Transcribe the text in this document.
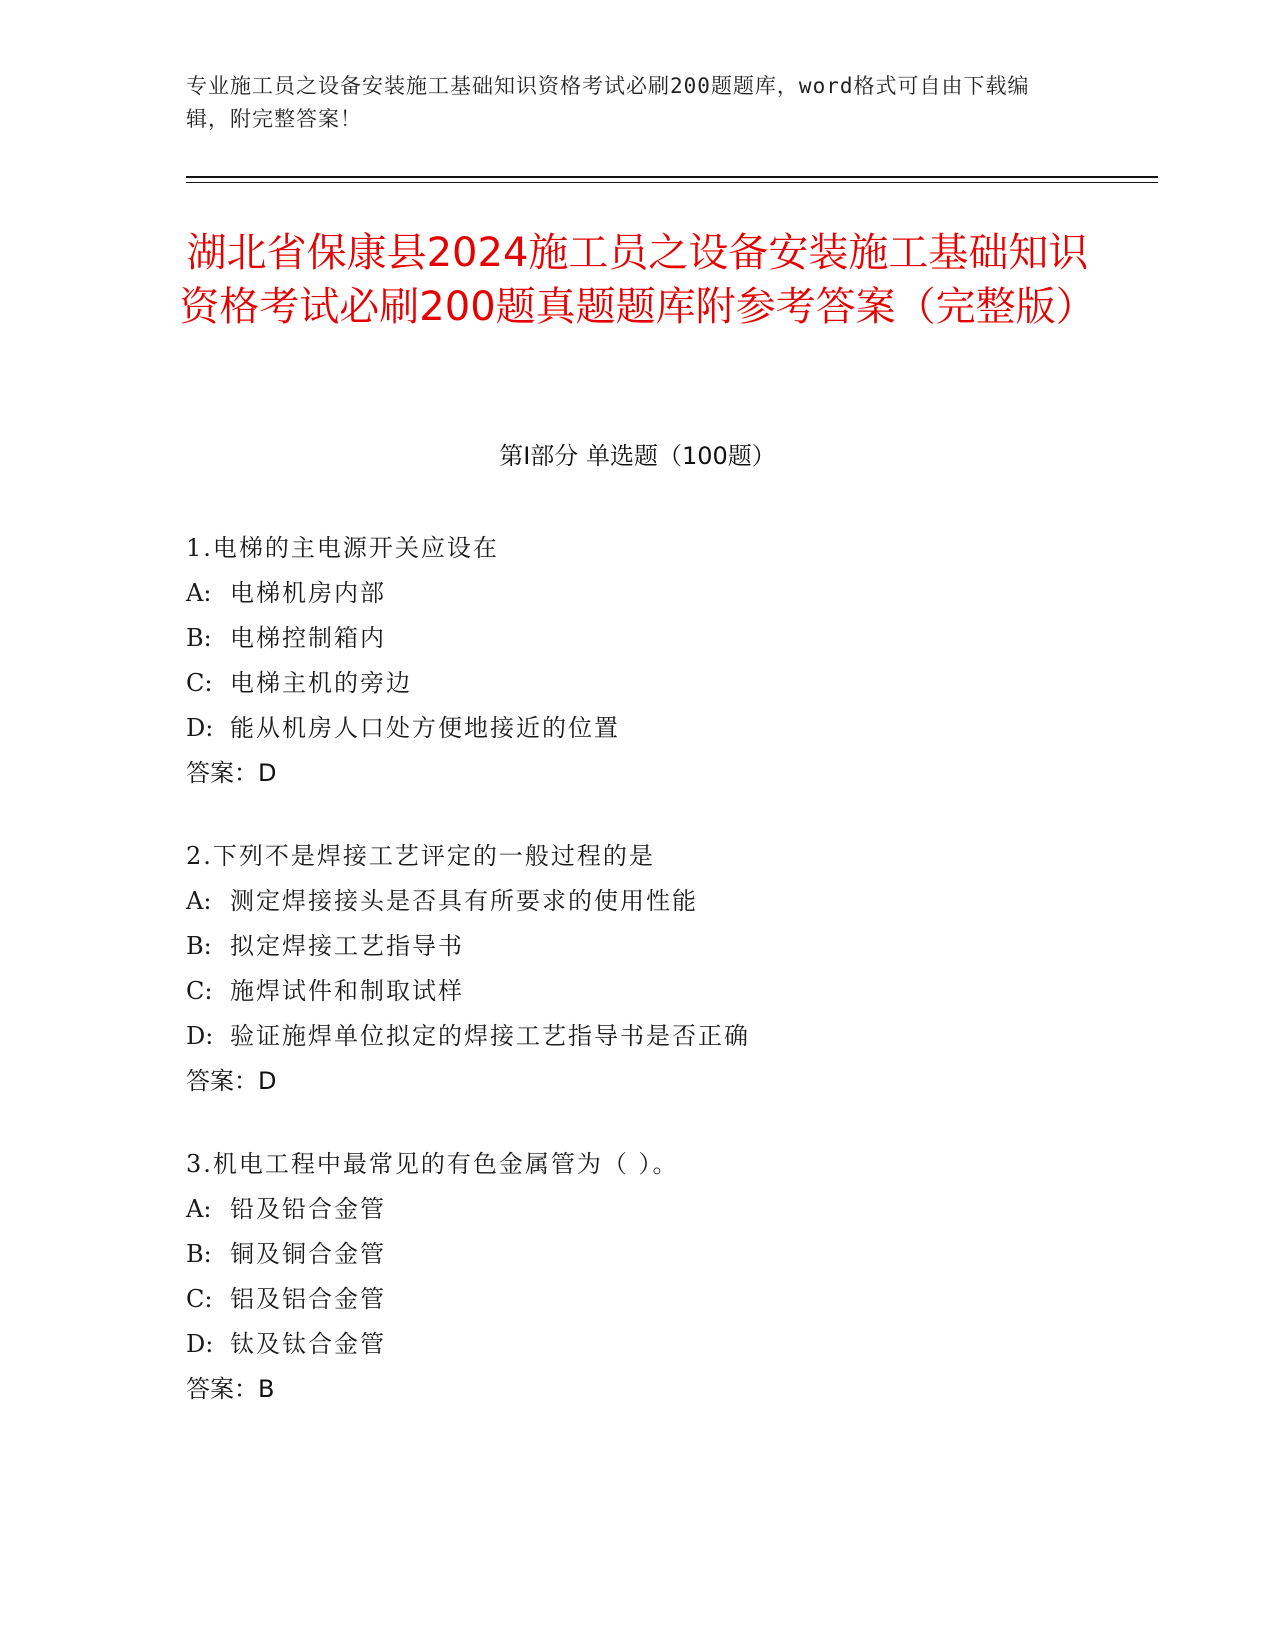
专业施工员之设备安装施工基础知识资格考试必刷200题题库，word格式可自由下载编辑，附完整答案！
湖北省保康县2024施工员之设备安装施工基础知识资格考试必刷200题真题题库附参考答案（完整版）
第Ⅰ部分 单选题（100题）
1.电梯的主电源开关应设在
A: 电梯机房内部
B: 电梯控制箱内
C: 电梯主机的旁边
D: 能从机房人口处方便地接近的位置
答案：D
2.下列不是焊接工艺评定的一般过程的是
A: 测定焊接接头是否具有所要求的使用性能
B: 拟定焊接工艺指导书
C: 施焊试件和制取试样
D: 验证施焊单位拟定的焊接工艺指导书是否正确
答案：D
3.机电工程中最常见的有色金属管为（ ）。
A: 铅及铅合金管
B: 铜及铜合金管
C: 铝及铝合金管
D: 钛及钛合金管
答案：B
